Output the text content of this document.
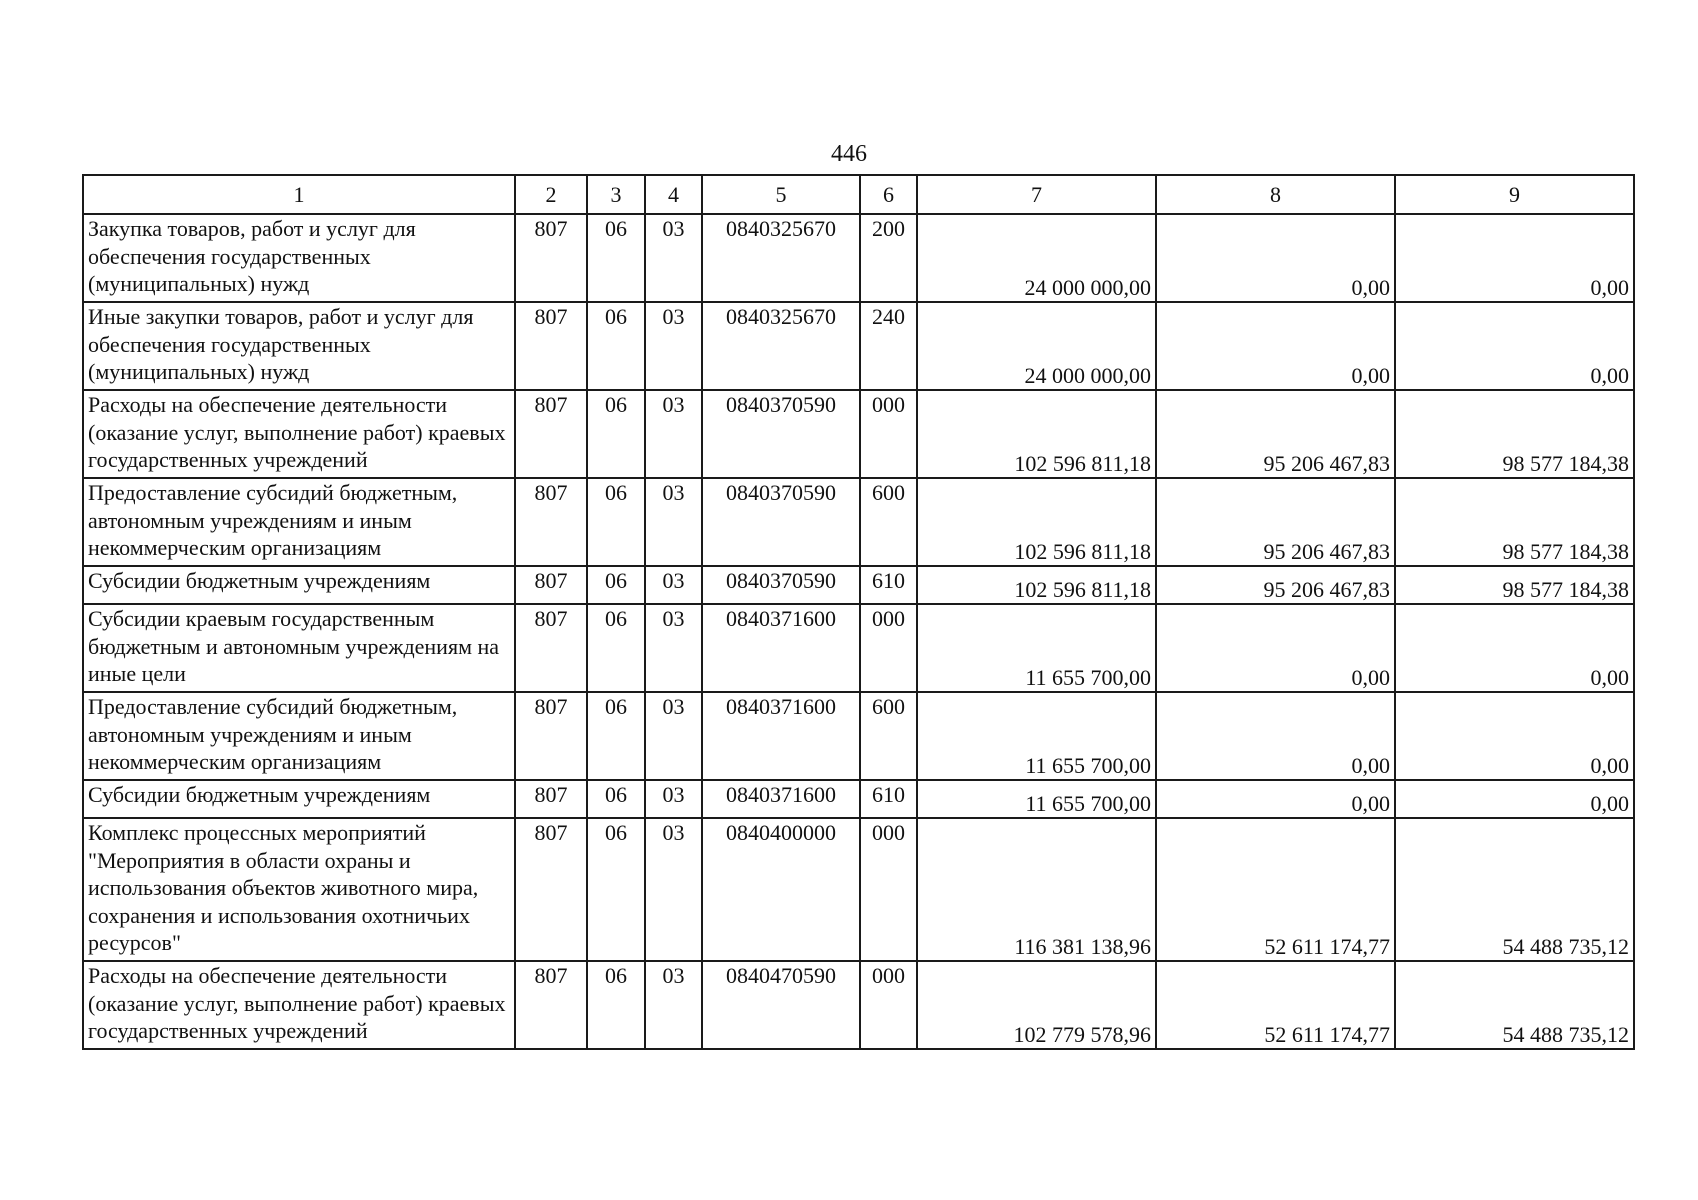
446
1	2	3	4	5	6	7	8	9
Закупка товаров, работ и услуг для обеспечения государственных (муниципальных) нужд	807	06	03	0840325670	200	24 000 000,00	0,00	0,00
Иные закупки товаров, работ и услуг для обеспечения государственных (муниципальных) нужд	807	06	03	0840325670	240	24 000 000,00	0,00	0,00
Расходы на обеспечение деятельности (оказание услуг, выполнение работ) краевых государственных учреждений	807	06	03	0840370590	000	102 596 811,18	95 206 467,83	98 577 184,38
Предоставление субсидий бюджетным, автономным учреждениям и иным некоммерческим организациям	807	06	03	0840370590	600	102 596 811,18	95 206 467,83	98 577 184,38
Субсидии бюджетным учреждениям	807	06	03	0840370590	610	102 596 811,18	95 206 467,83	98 577 184,38
Субсидии краевым государственным бюджетным и автономным учреждениям на иные цели	807	06	03	0840371600	000	11 655 700,00	0,00	0,00
Предоставление субсидий бюджетным, автономным учреждениям и иным некоммерческим организациям	807	06	03	0840371600	600	11 655 700,00	0,00	0,00
Субсидии бюджетным учреждениям	807	06	03	0840371600	610	11 655 700,00	0,00	0,00
Комплекс процессных мероприятий "Мероприятия в области охраны и использования объектов животного мира, сохранения и использования охотничьих ресурсов"	807	06	03	0840400000	000	116 381 138,96	52 611 174,77	54 488 735,12
Расходы на обеспечение деятельности (оказание услуг, выполнение работ) краевых государственных учреждений	807	06	03	0840470590	000	102 779 578,96	52 611 174,77	54 488 735,12
